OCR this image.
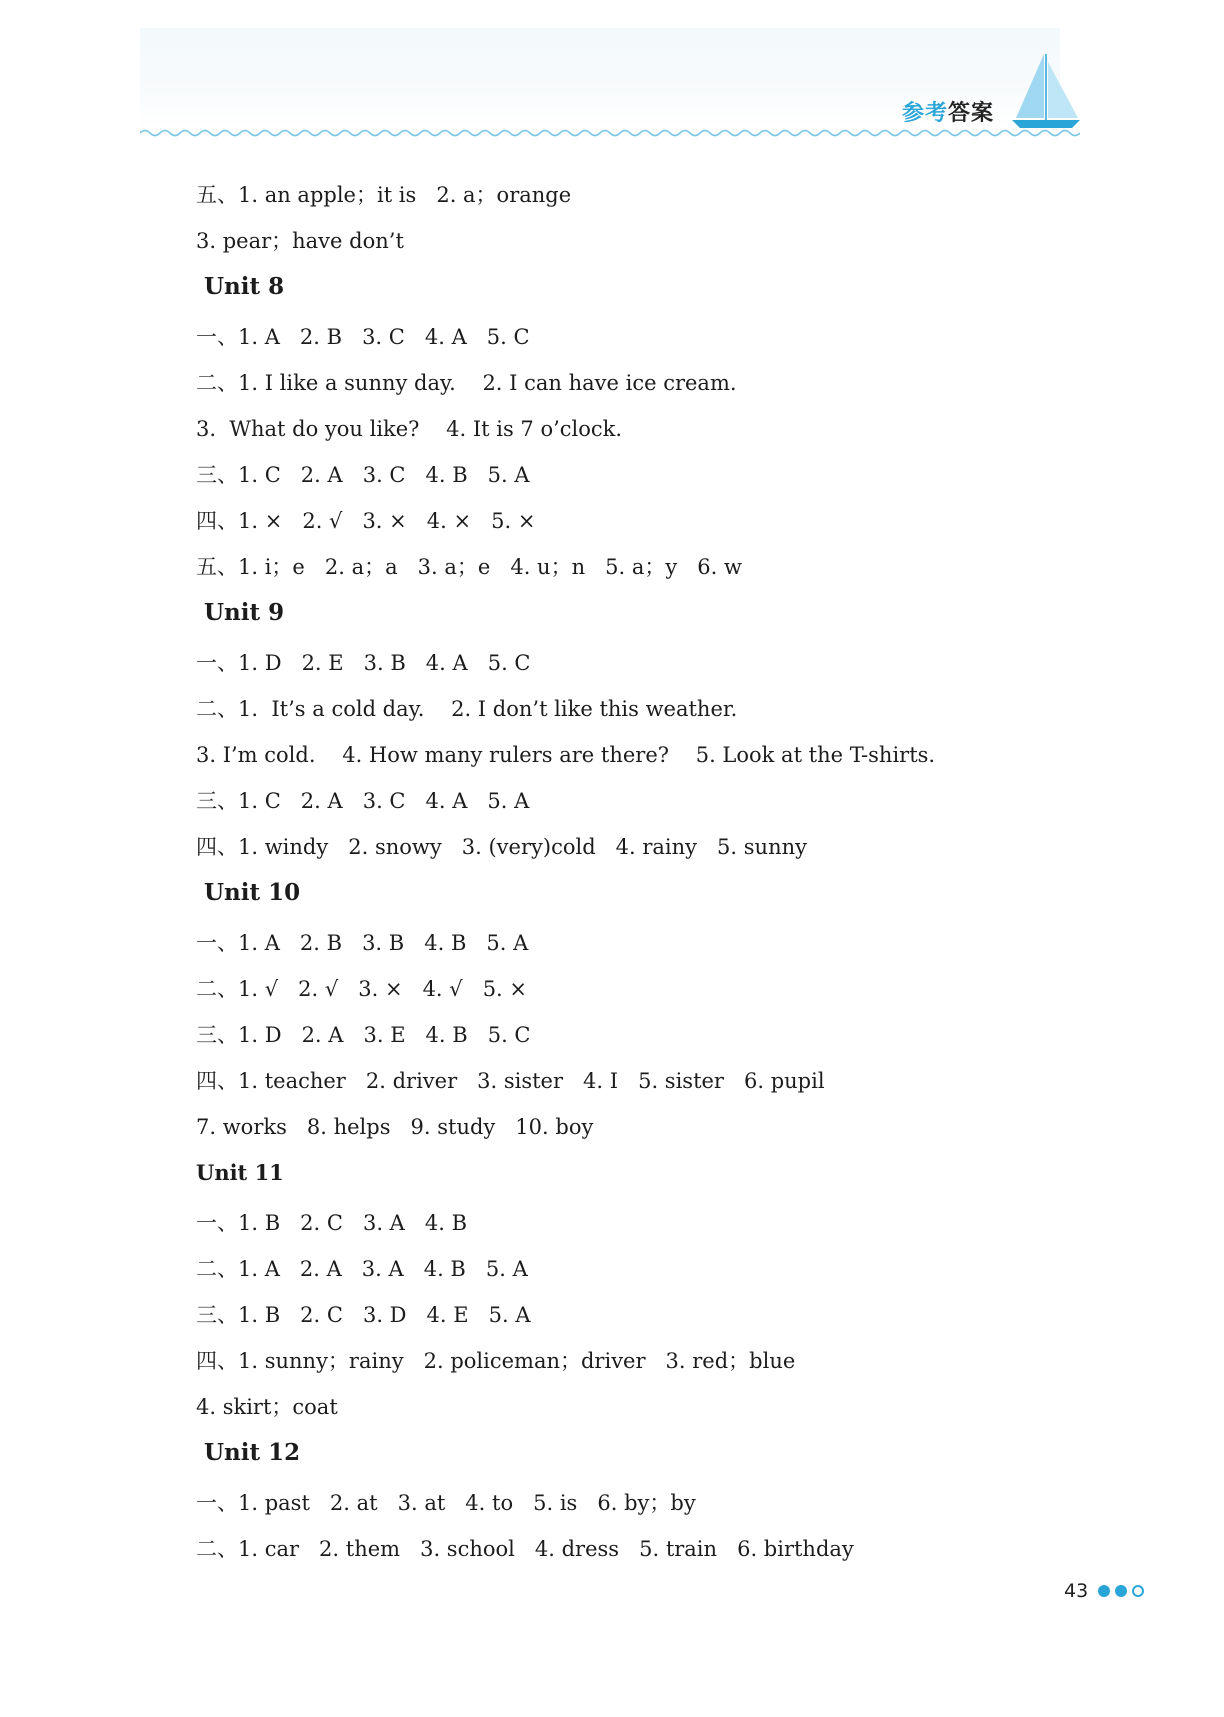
参考答案
五、1. an apple；it is   2. a；orange
3. pear；have don’t
Unit 8
一、1. A   2. B   3. C   4. A   5. C
二、1. I like a sunny day.    2. I can have ice cream.
3.  What do you like?    4. It is 7 o’clock.
三、1. C   2. A   3. C   4. B   5. A
四、1. ×   2. √   3. ×   4. ×   5. ×
五、1. i；e   2. a；a   3. a；e   4. u；n   5. a；y   6. w
Unit 9
一、1. D   2. E   3. B   4. A   5. C
二、1.  It’s a cold day.    2. I don’t like this weather.
3. I’m cold.    4. How many rulers are there?    5. Look at the T-shirts.
三、1. C   2. A   3. C   4. A   5. A
四、1. windy   2. snowy   3. (very)cold   4. rainy   5. sunny
Unit 10
一、1. A   2. B   3. B   4. B   5. A
二、1. √   2. √   3. ×   4. √   5. ×
三、1. D   2. A   3. E   4. B   5. C
四、1. teacher   2. driver   3. sister   4. I   5. sister   6. pupil
7. works   8. helps   9. study   10. boy
Unit 11
一、1. B   2. C   3. A   4. B
二、1. A   2. A   3. A   4. B   5. A
三、1. B   2. C   3. D   4. E   5. A
四、1. sunny；rainy   2. policeman；driver   3. red；blue
4. skirt；coat
Unit 12
一、1. past   2. at   3. at   4. to   5. is   6. by；by
二、1. car   2. them   3. school   4. dress   5. train   6. birthday
43
